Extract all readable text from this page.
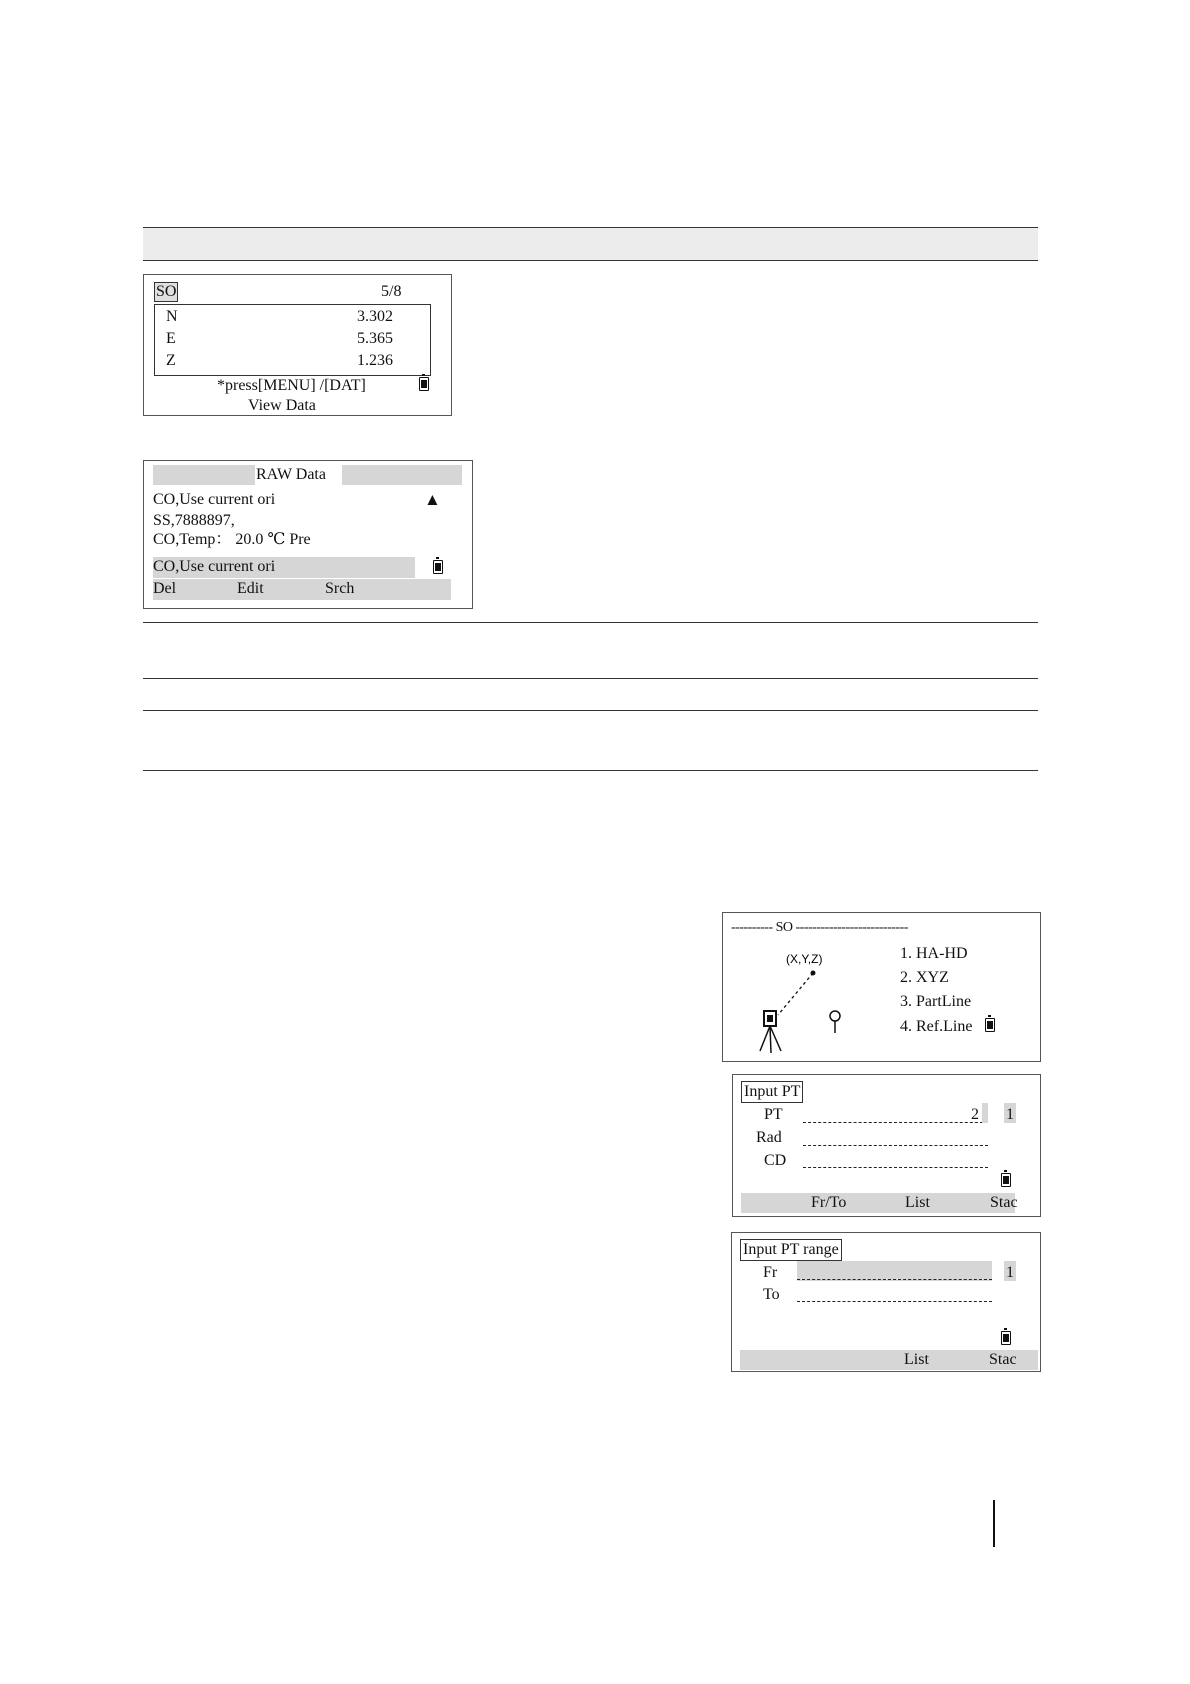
SO	5/8
N	3.302
E	5.365
Z	1.236
*press[MENU] /[DAT]
View Data
RAW Data
CO,Use current ori	▲
SS,7888897,
CO,Temp： 20.0 ℃ Pre
CO,Use current ori
Del	Edit	Srch
---------- SO ---------------------------
(X,Y,Z)	1. HA-HD
2. XYZ
3. PartLine
4. Ref.Line
Input PT
PT	2 1
Rad
CD
Fr/To	List	Stac
Input PT range
Fr	1
To
List	Stac
